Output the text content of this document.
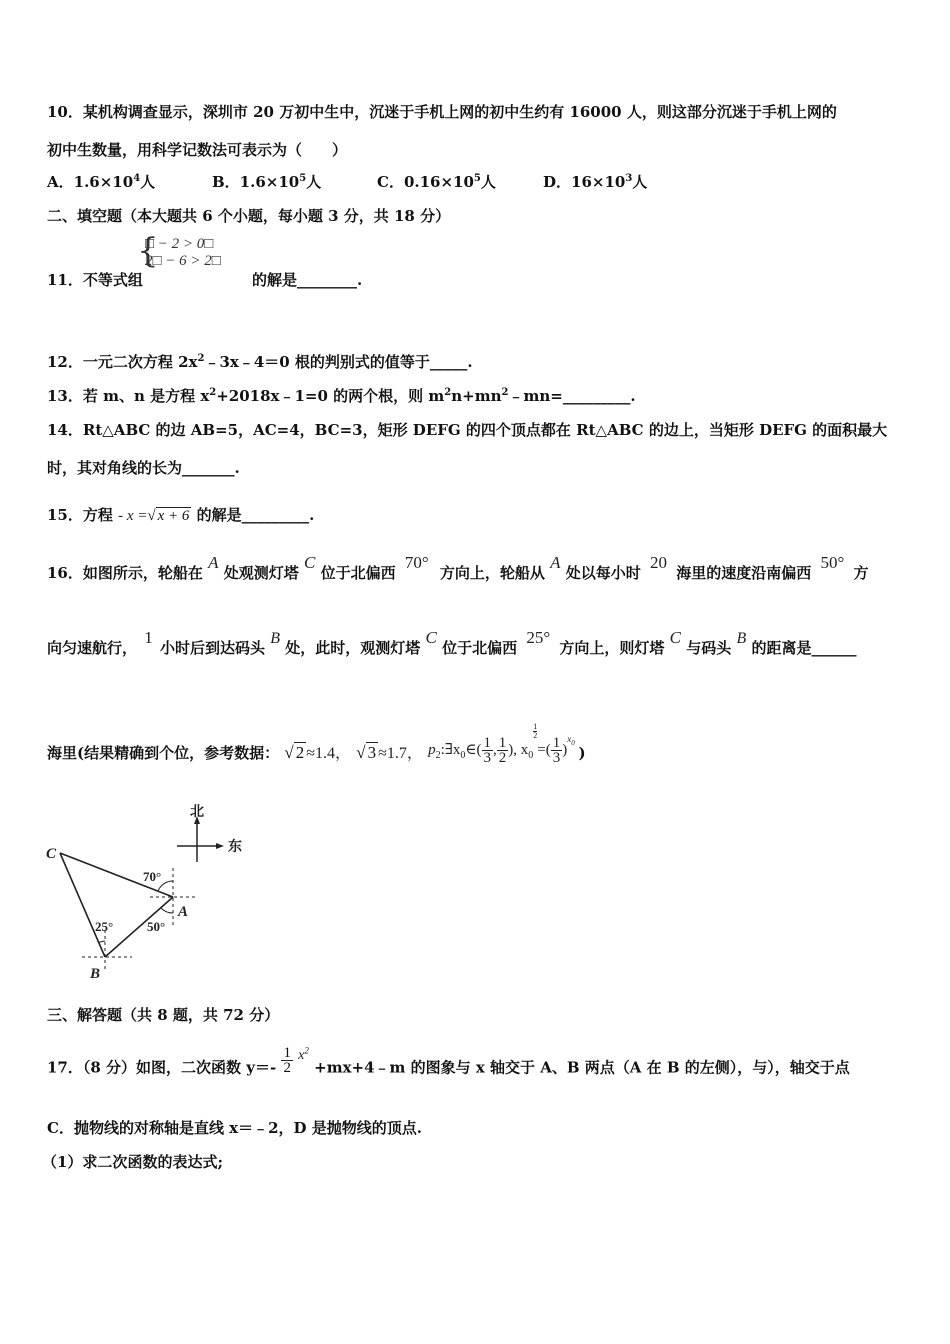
10．某机构调查显示，深圳市 20 万初中生中，沉迷于手机上网的初中生约有 16000 人，则这部分沉迷于手机上网的
初中生数量，用科学记数法可表示为（　　）
A．$1.6\times 10^4$人	B．$1.6\times 10^5$人	C．$0.16\times 10^5$人	D．$16\times 10^3$人
二、填空题（本大题共 6 个小题，每小题 3 分，共 18 分）
{
□ − 2 > 0□
2□ − 6 > 2□
11．不等式组	的解是________.
12．一元二次方程 $2x^2﹣3x﹣4=0$ 根的判别式的值等于_____.
13．若 m、n 是方程 $x^2+2018x﹣1=0$ 的两个根，则 $m^2n+mn^2﹣mn=\_\_\_\_\_\_\_\_\_$.
14．Rt△ABC 的边 AB=5，AC=4，BC=3，矩形 DEFG 的四个顶点都在 Rt△ABC 的边上，当矩形 DEFG 的面积最大
时，其对角线的长为_______.
15．方程 - x =√ x + 6 的解是_________.
16．如图所示，轮船在 A 处观测灯塔 C 位于北偏西 70° 方向上，轮船从 A 处以每小时 20 海里的速度沿南偏西 50° 方
向匀速航行， 1 小时后到达码头 B 处，此时，观测灯塔 C 位于北偏西 25° 方向上，则灯塔 C 与码头 B 的距离是______
海里(结果精确到个位，参考数据： √ 2 ≈1.4， √ 3 ≈1.7， $p_2:\exists x_0\in( \frac{1}{3}$ , $\frac{1}{2}$ ), $x_0$
$\frac{1}{2}$
=( $\frac{1}{3} )^{x_0}$ )
北
东
C
A
B
70°
50°
25°
三、解答题（共 8 题，共 72 分）
17．（8 分）如图，二次函数 $y=- \frac{1}{2} x^2$ +mx+4﹣m 的图象与 x 轴交于 A、B 两点（A 在 B 的左侧），与），轴交于点
C．抛物线的对称轴是直线 x＝﹣2，D 是抛物线的顶点.
（1）求二次函数的表达式;
